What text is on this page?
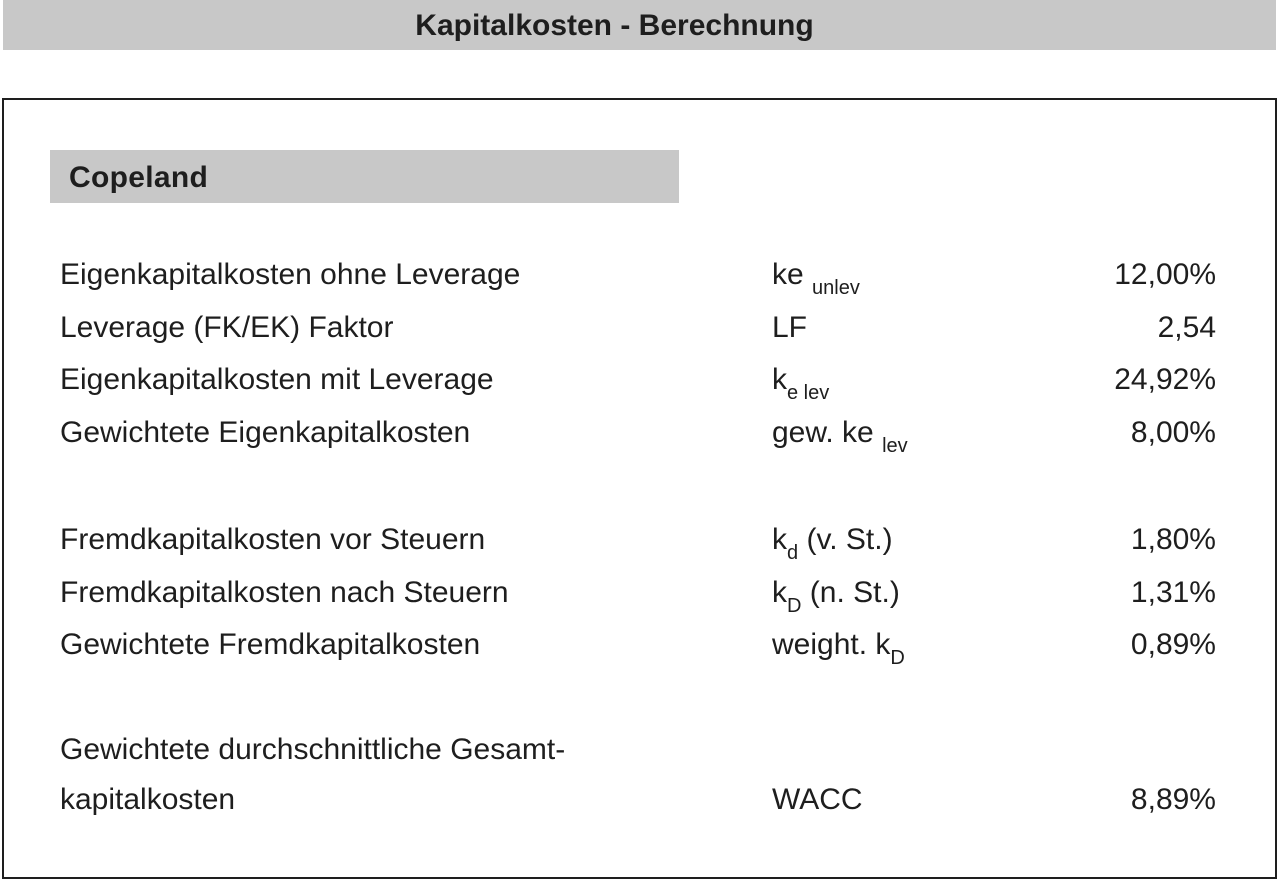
Kapitalkosten - Berechnung
Copeland
Eigenkapitalkosten ohne Leverage	ke $_{unlev}$	12,00%
Leverage (FK/EK) Faktor	LF	2,54
Eigenkapitalkosten mit Leverage	$k_{e lev}$	24,92%
Gewichtete Eigenkapitalkosten	gew. ke $_{lev}$	8,00%
Fremdkapitalkosten vor Steuern	$k_d$ (v. St.)	1,80%
Fremdkapitalkosten nach Steuern	$k_D$ (n. St.)	1,31%
Gewichtete Fremdkapitalkosten	weight. $k_D$	0,89%
Gewichtete durchschnittliche Gesamt-
kapitalkosten	WACC	8,89%
